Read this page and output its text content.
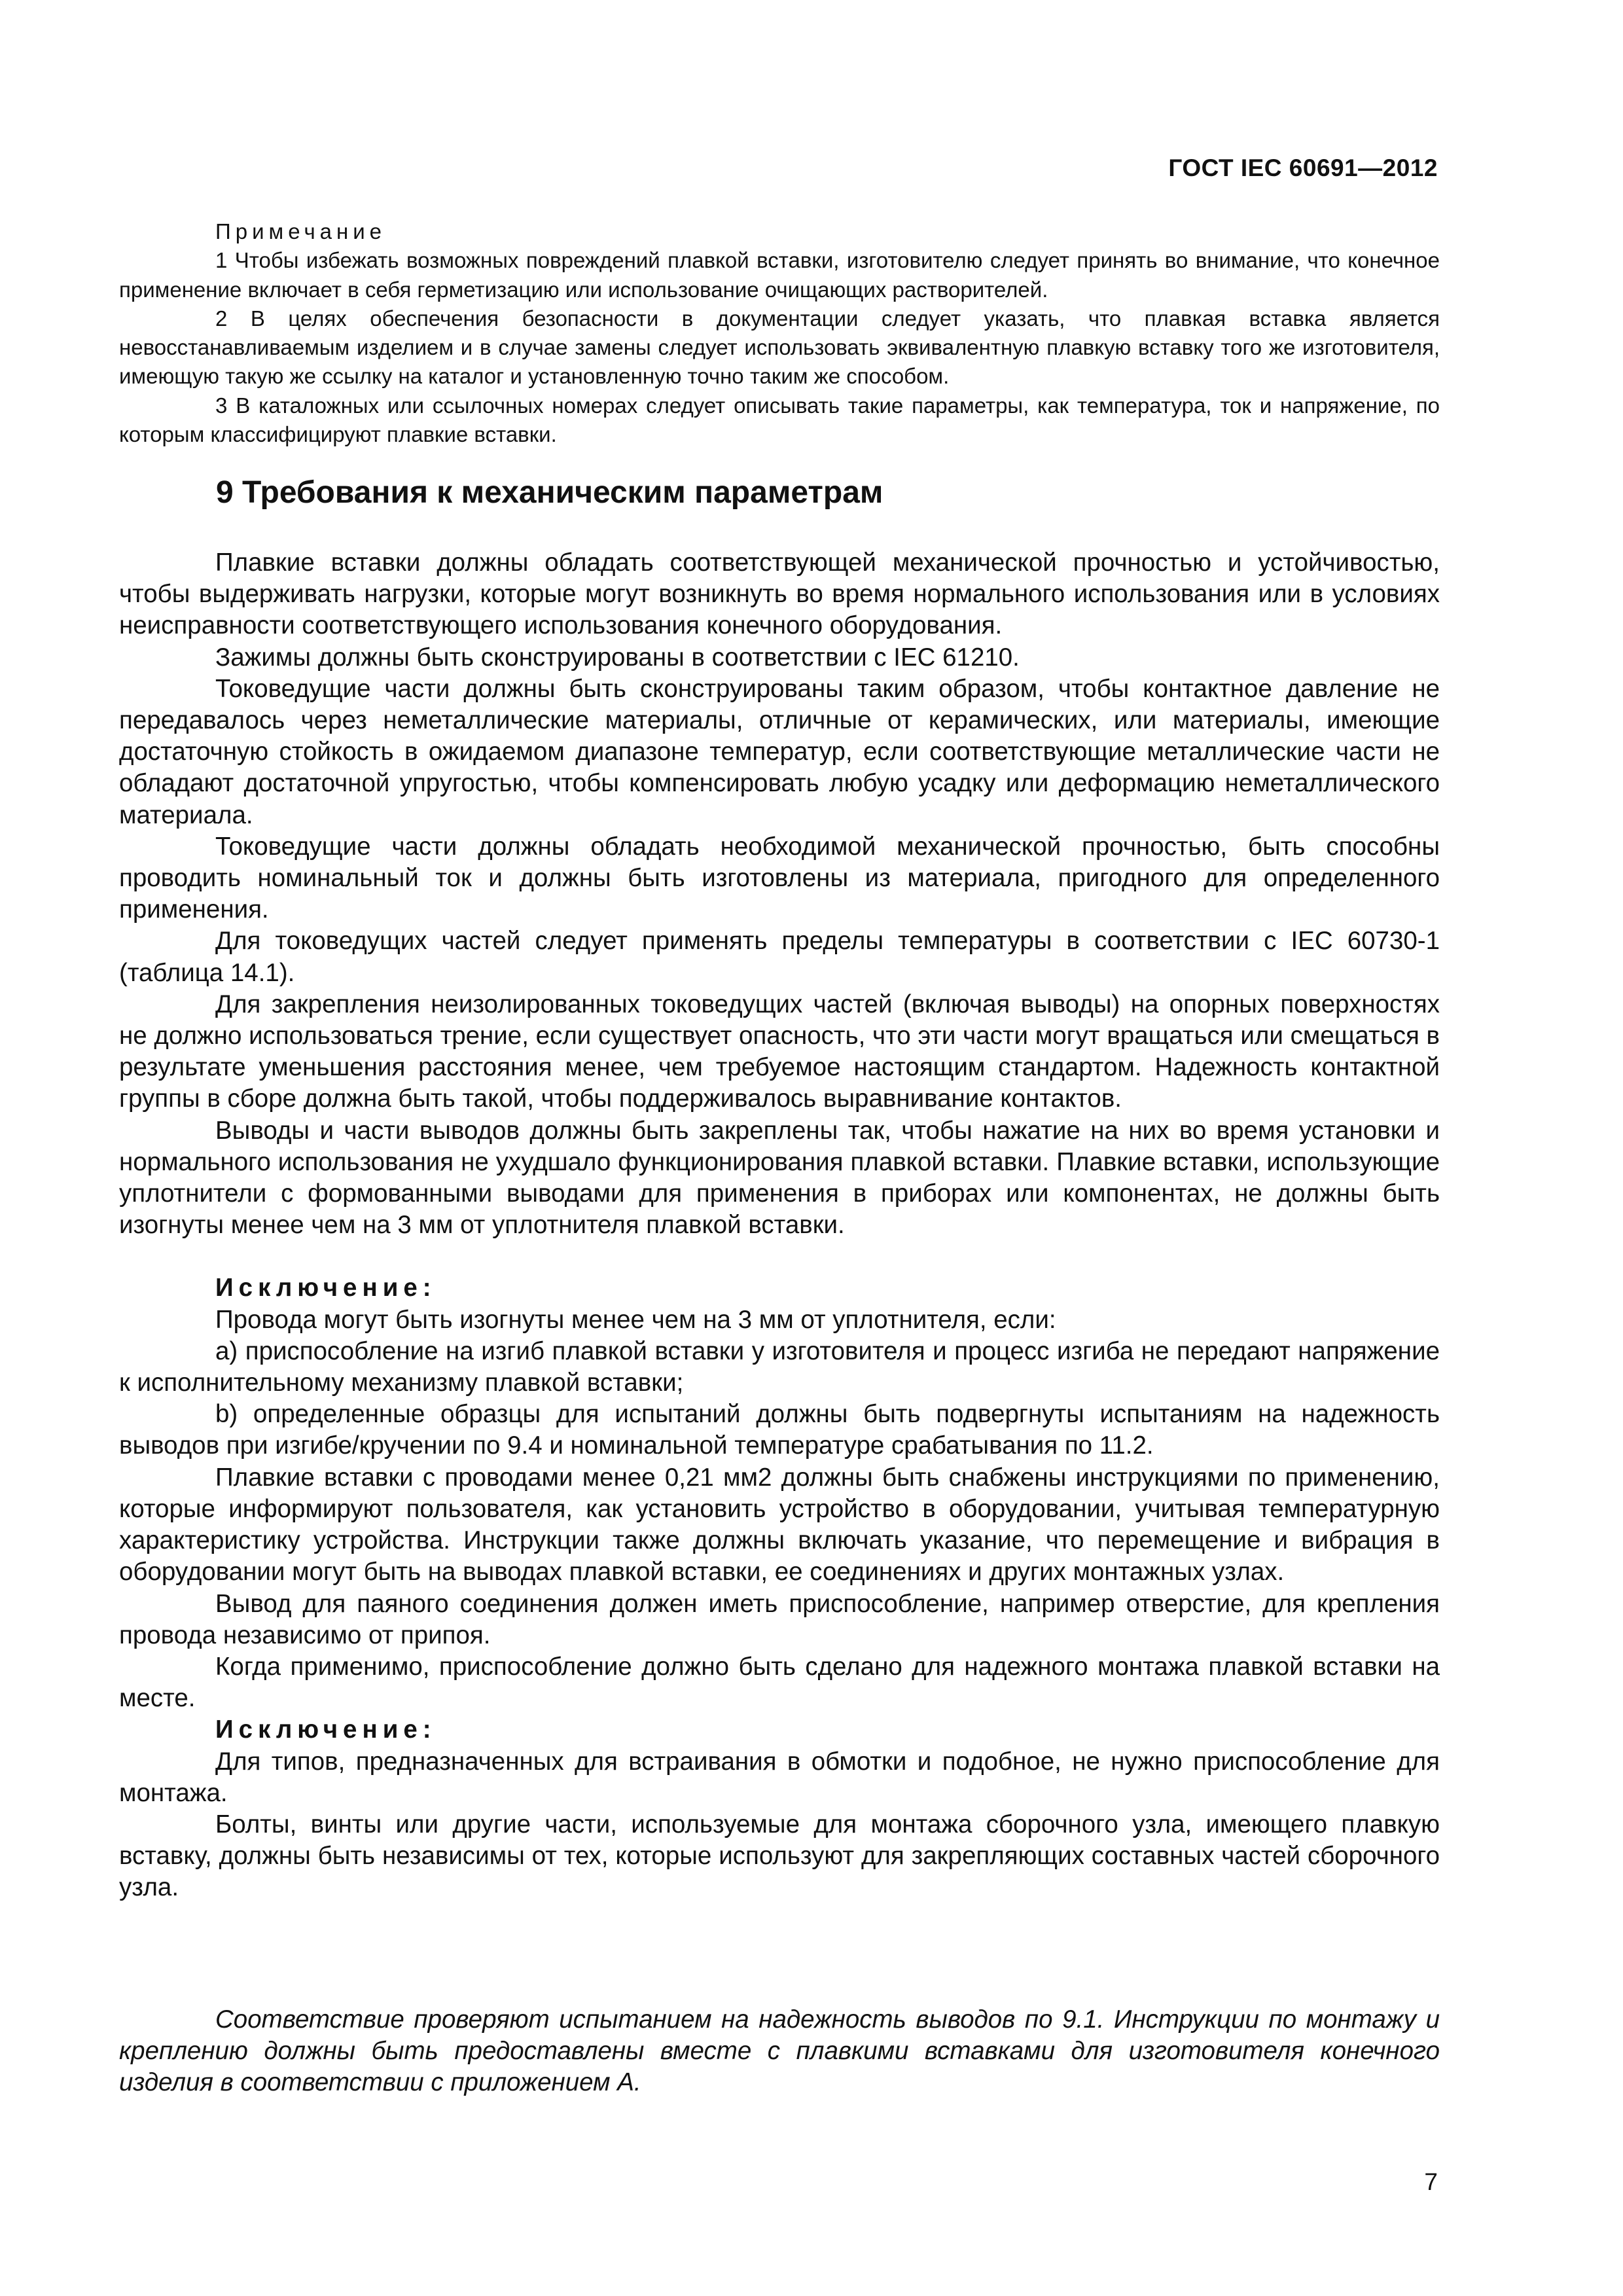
ГОСТ IEC 60691—2012

Примечание

1 Чтобы избежать возможных повреждений плавкой вставки, изготовителю следует принять во внимание, что конечное применение включает в себя герметизацию или использование очищающих растворителей.

2 В целях обеспечения безопасности в документации следует указать, что плавкая вставка является невосстанавливаемым изделием и в случае замены следует использовать эквивалентную плавкую вставку того же изготовителя, имеющую такую же ссылку на каталог и установленную точно таким же способом.

3 В каталожных или ссылочных номерах следует описывать такие параметры, как температура, ток и напряжение, по которым классифицируют плавкие вставки.

9 Требования к механическим параметрам

Плавкие вставки должны обладать соответствующей механической прочностью и устойчивостью, чтобы выдерживать нагрузки, которые могут возникнуть во время нормального использования или в условиях неисправности соответствующего использования конечного оборудования.

Зажимы должны быть сконструированы в соответствии с IEC 61210.

Токоведущие части должны быть сконструированы таким образом, чтобы контактное давление не передавалось через неметаллические материалы, отличные от керамических, или материалы, имеющие достаточную стойкость в ожидаемом диапазоне температур, если соответствующие металлические части не обладают достаточной упругостью, чтобы компенсировать любую усадку или деформацию неметаллического материала.

Токоведущие части должны обладать необходимой механической прочностью, быть способны проводить номинальный ток и должны быть изготовлены из материала, пригодного для определенного применения.

Для токоведущих частей следует применять пределы температуры в соответствии с IEC 60730-1 (таблица 14.1).

Для закрепления неизолированных токоведущих частей (включая выводы) на опорных поверхностях не должно использоваться трение, если существует опасность, что эти части могут вращаться или смещаться в результате уменьшения расстояния менее, чем требуемое настоящим стандартом. Надежность контактной группы в сборе должна быть такой, чтобы поддерживалось выравнивание контактов.

Выводы и части выводов должны быть закреплены так, чтобы нажатие на них во время установки и нормального использования не ухудшало функционирования плавкой вставки. Плавкие вставки, использующие уплотнители с формованными выводами для применения в приборах или компонентах, не должны быть изогнуты менее чем на 3 мм от уплотнителя плавкой вставки.

Исключение:

Провода могут быть изогнуты менее чем на 3 мм от уплотнителя, если:

a) приспособление на изгиб плавкой вставки у изготовителя и процесс изгиба не передают напряжение к исполнительному механизму плавкой вставки;

b) определенные образцы для испытаний должны быть подвергнуты испытаниям на надежность выводов при изгибе/кручении по 9.4 и номинальной температуре срабатывания по 11.2.

Плавкие вставки с проводами менее 0,21 мм2 должны быть снабжены инструкциями по применению, которые информируют пользователя, как установить устройство в оборудовании, учитывая температурную характеристику устройства. Инструкции также должны включать указание, что перемещение и вибрация в оборудовании могут быть на выводах плавкой вставки, ее соединениях и других монтажных узлах.

Вывод для паяного соединения должен иметь приспособление, например отверстие, для крепления провода независимо от припоя.

Когда применимо, приспособление должно быть сделано для надежного монтажа плавкой вставки на месте.

Исключение:

Для типов, предназначенных для встраивания в обмотки и подобное, не нужно приспособление для монтажа.

Болты, винты или другие части, используемые для монтажа сборочного узла, имеющего плавкую вставку, должны быть независимы от тех, которые используют для закрепляющих составных частей сборочного узла.

Соответствие проверяют испытанием на надежность выводов по 9.1. Инструкции по монтажу и креплению должны быть предоставлены вместе с плавкими вставками для изготовителя конечного изделия в соответствии с приложением А.

7
